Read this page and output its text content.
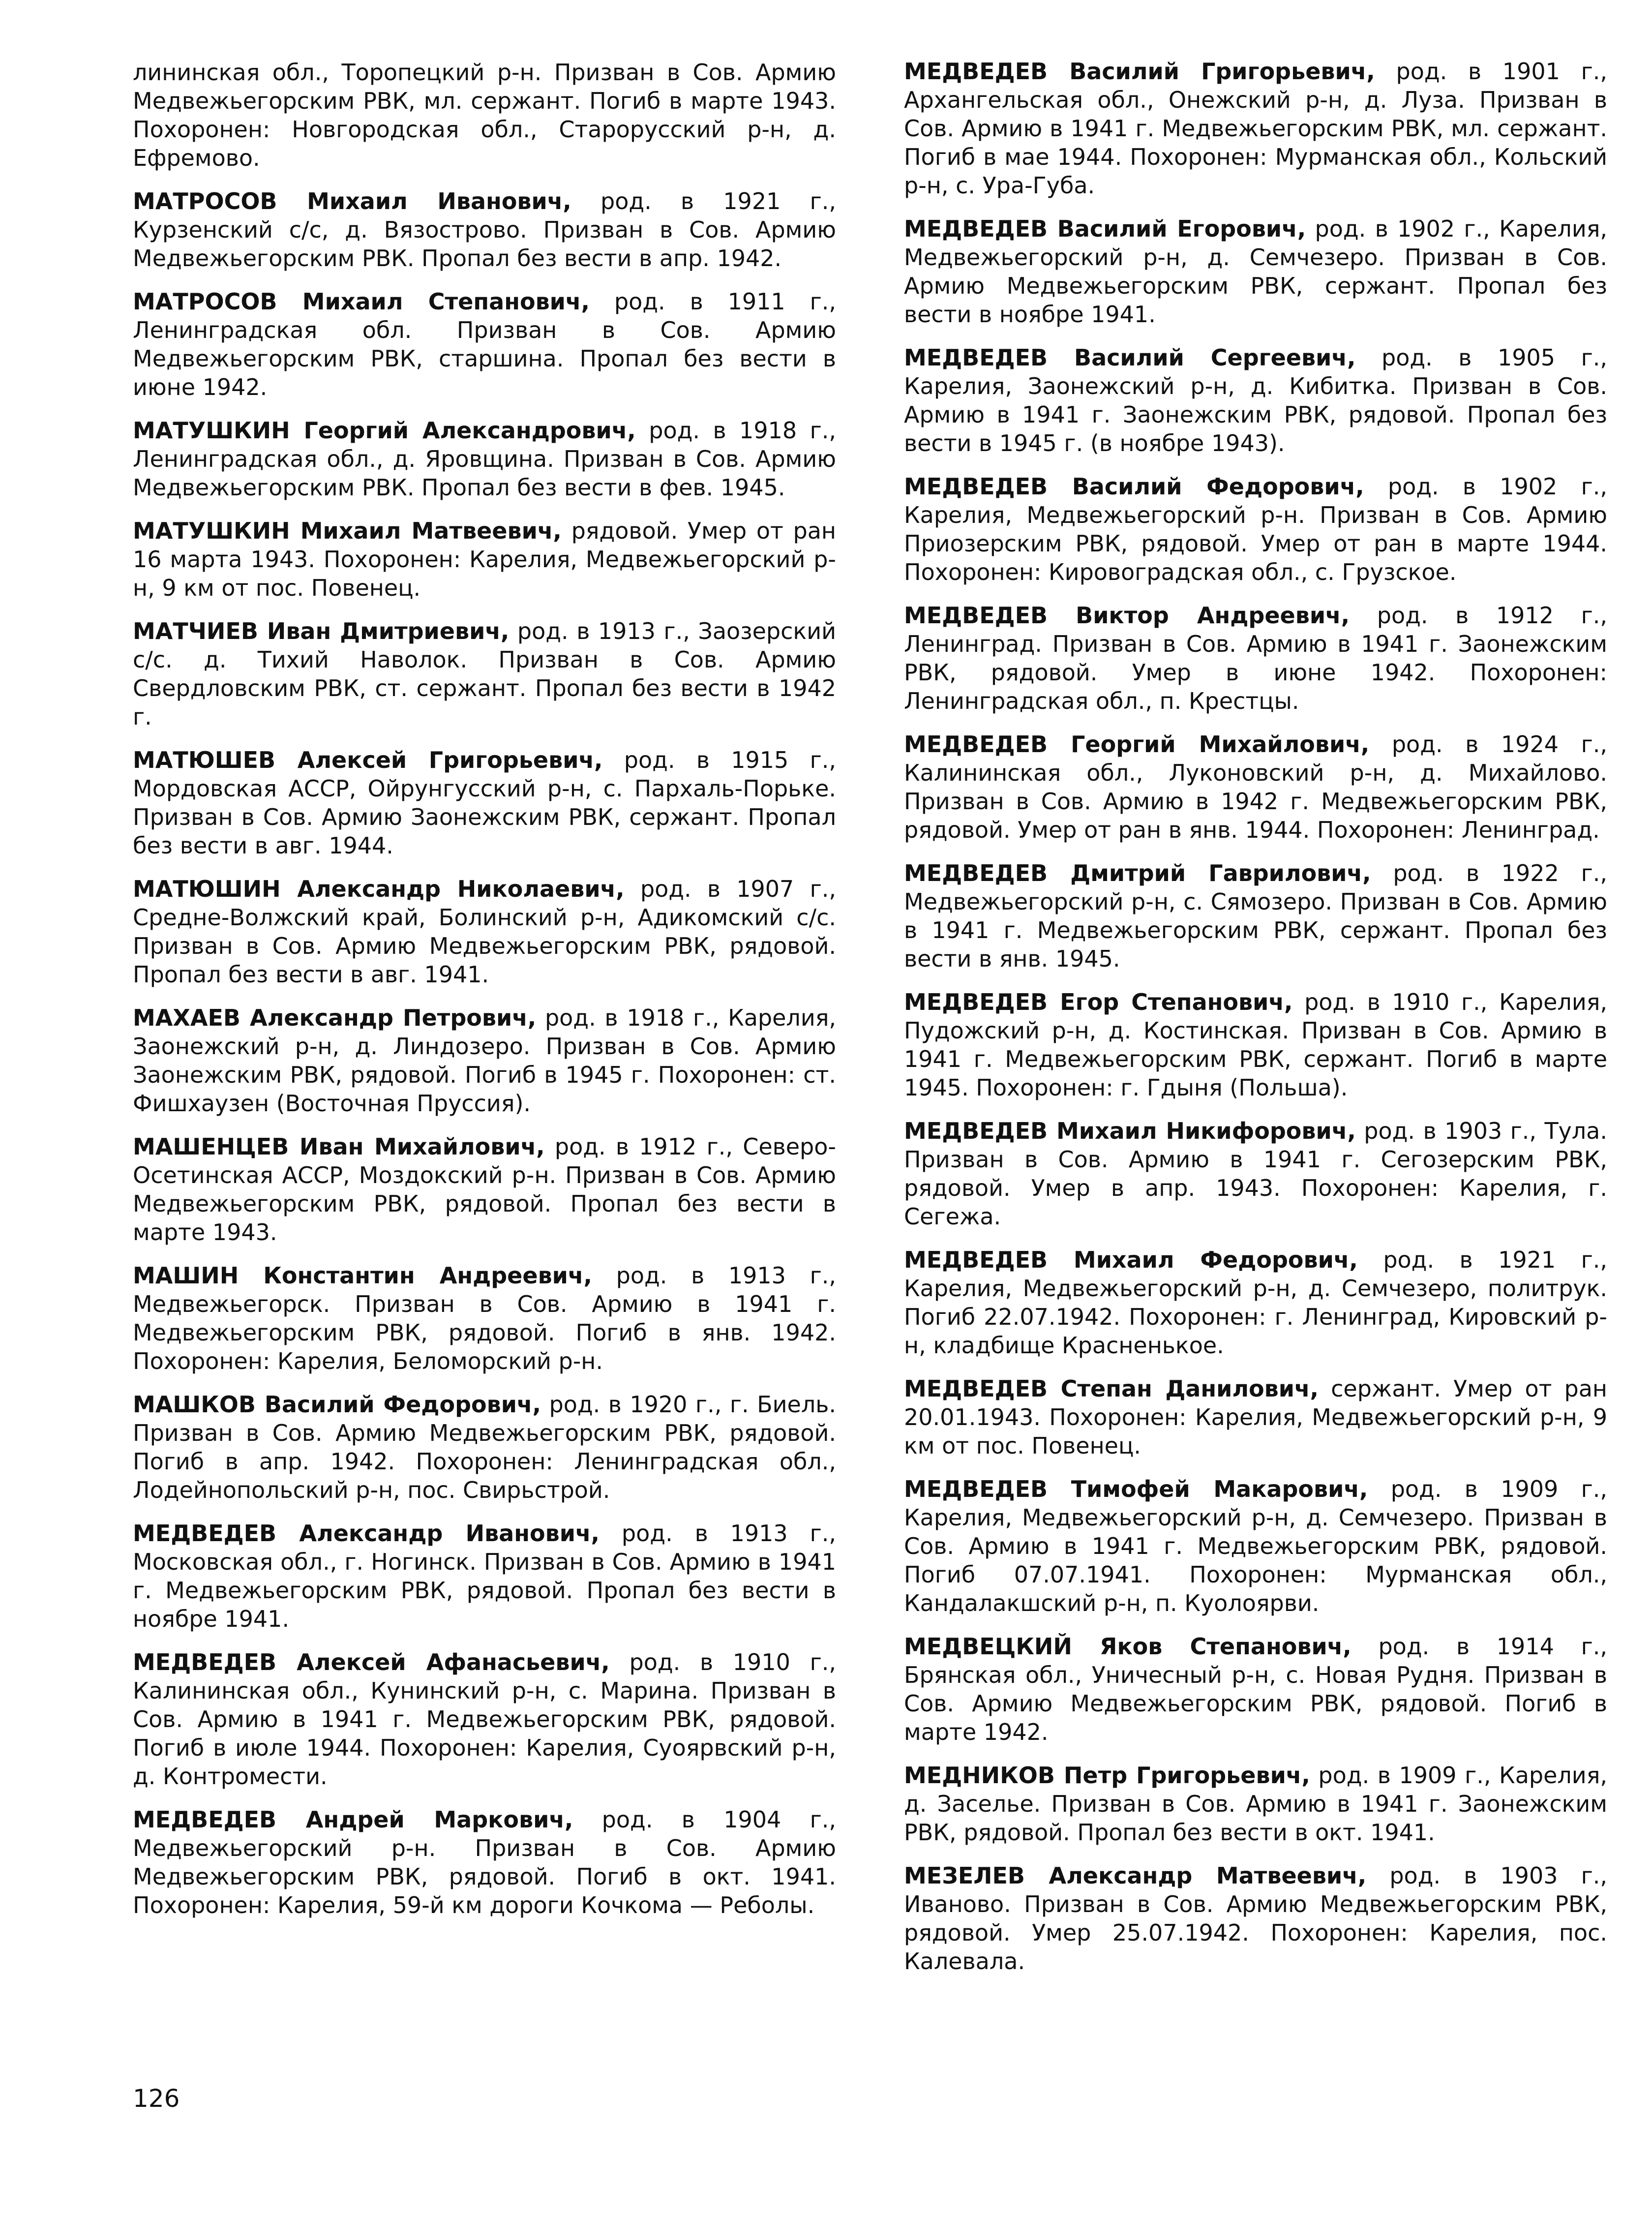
лининская обл., Торопецкий р-н. Призван в Сов. Армию Медвежьегорским РВК, мл. сержант. Погиб в марте 1943. Похоронен: Новгородская обл., Старорусский р-н, д. Ефремово.

МАТРОСОВ Михаил Иванович, род. в 1921 г., Курзенский с/с, д. Вязострово. Призван в Сов. Армию Медвежьегорским РВК. Пропал без вести в апр. 1942.

МАТРОСОВ Михаил Степанович, род. в 1911 г., Ленинградская обл. Призван в Сов. Армию Медвежьегорским РВК, старшина. Пропал без вести в июне 1942.

МАТУШКИН Георгий Александрович, род. в 1918 г., Ленинградская обл., д. Яровщина. Призван в Сов. Армию Медвежьегорским РВК. Пропал без вести в фев. 1945.

МАТУШКИН Михаил Матвеевич, рядовой. Умер от ран 16 марта 1943. Похоронен: Карелия, Медвежьегорский р-н, 9 км от пос. Повенец.

МАТЧИЕВ Иван Дмитриевич, род. в 1913 г., Заозерский с/с. д. Тихий Наволок. Призван в Сов. Армию Свердловским РВК, ст. сержант. Пропал без вести в 1942 г.

МАТЮШЕВ Алексей Григорьевич, род. в 1915 г., Мордовская АССР, Ойрунгусский р-н, с. Пархаль-Порьке. Призван в Сов. Армию Заонежским РВК, сержант. Пропал без вести в авг. 1944.

МАТЮШИН Александр Николаевич, род. в 1907 г., Средне-Волжский край, Болинский р-н, Адикомский с/с. Призван в Сов. Армию Медвежьегорским РВК, рядовой. Пропал без вести в авг. 1941.

МАХАЕВ Александр Петрович, род. в 1918 г., Карелия, Заонежский р-н, д. Линдозеро. Призван в Сов. Армию Заонежским РВК, рядовой. Погиб в 1945 г. Похоронен: ст. Фишхаузен (Восточная Пруссия).

МАШЕНЦЕВ Иван Михайлович, род. в 1912 г., Северо-Осетинская АССР, Моздокский р-н. Призван в Сов. Армию Медвежьегорским РВК, рядовой. Пропал без вести в марте 1943.

МАШИН Константин Андреевич, род. в 1913 г., Медвежьегорск. Призван в Сов. Армию в 1941 г. Медвежьегорским РВК, рядовой. Погиб в янв. 1942. Похоронен: Карелия, Беломорский р-н.

МАШКОВ Василий Федорович, род. в 1920 г., г. Биель. Призван в Сов. Армию Медвежьегорским РВК, рядовой. Погиб в апр. 1942. Похоронен: Ленинградская обл., Лодейнопольский р-н, пос. Свирьстрой.

МЕДВЕДЕВ Александр Иванович, род. в 1913 г., Московская обл., г. Ногинск. Призван в Сов. Армию в 1941 г. Медвежьегорским РВК, рядовой. Пропал без вести в ноябре 1941.

МЕДВЕДЕВ Алексей Афанасьевич, род. в 1910 г., Калининская обл., Кунинский р-н, с. Марина. Призван в Сов. Армию в 1941 г. Медвежьегорским РВК, рядовой. Погиб в июле 1944. Похоронен: Карелия, Суоярвский р-н, д. Контромести.

МЕДВЕДЕВ Андрей Маркович, род. в 1904 г., Медвежьегорский р-н. Призван в Сов. Армию Медвежьегорским РВК, рядовой. Погиб в окт. 1941. Похоронен: Карелия, 59-й км дороги Кочкома — Реболы.

МЕДВЕДЕВ Василий Григорьевич, род. в 1901 г., Архангельская обл., Онежский р-н, д. Луза. Призван в Сов. Армию в 1941 г. Медвежьегорским РВК, мл. сержант. Погиб в мае 1944. Похоронен: Мурманская обл., Кольский р-н, с. Ура-Губа.

МЕДВЕДЕВ Василий Егорович, род. в 1902 г., Карелия, Медвежьегорский р-н, д. Семчезеро. Призван в Сов. Армию Медвежьегорским РВК, сержант. Пропал без вести в ноябре 1941.

МЕДВЕДЕВ Василий Сергеевич, род. в 1905 г., Карелия, Заонежский р-н, д. Кибитка. Призван в Сов. Армию в 1941 г. Заонежским РВК, рядовой. Пропал без вести в 1945 г. (в ноябре 1943).

МЕДВЕДЕВ Василий Федорович, род. в 1902 г., Карелия, Медвежьегорский р-н. Призван в Сов. Армию Приозерским РВК, рядовой. Умер от ран в марте 1944. Похоронен: Кировоградская обл., с. Грузское.

МЕДВЕДЕВ Виктор Андреевич, род. в 1912 г., Ленинград. Призван в Сов. Армию в 1941 г. Заонежским РВК, рядовой. Умер в июне 1942. Похоронен: Ленинградская обл., п. Крестцы.

МЕДВЕДЕВ Георгий Михайлович, род. в 1924 г., Калининская обл., Луконовский р-н, д. Михайлово. Призван в Сов. Армию в 1942 г. Медвежьегорским РВК, рядовой. Умер от ран в янв. 1944. Похоронен: Ленинград.

МЕДВЕДЕВ Дмитрий Гаврилович, род. в 1922 г., Медвежьегорский р-н, с. Сямозеро. Призван в Сов. Армию в 1941 г. Медвежьегорским РВК, сержант. Пропал без вести в янв. 1945.

МЕДВЕДЕВ Егор Степанович, род. в 1910 г., Карелия, Пудожский р-н, д. Костинская. Призван в Сов. Армию в 1941 г. Медвежьегорским РВК, сержант. Погиб в марте 1945. Похоронен: г. Гдыня (Польша).

МЕДВЕДЕВ Михаил Никифорович, род. в 1903 г., Тула. Призван в Сов. Армию в 1941 г. Сегозерским РВК, рядовой. Умер в апр. 1943. Похоронен: Карелия, г. Сегежа.

МЕДВЕДЕВ Михаил Федорович, род. в 1921 г., Карелия, Медвежьегорский р-н, д. Семчезеро, политрук. Погиб 22.07.1942. Похоронен: г. Ленинград, Кировский р-н, кладбище Красненькое.

МЕДВЕДЕВ Степан Данилович, сержант. Умер от ран 20.01.1943. Похоронен: Карелия, Медвежьегорский р-н, 9 км от пос. Повенец.

МЕДВЕДЕВ Тимофей Макарович, род. в 1909 г., Карелия, Медвежьегорский р-н, д. Семчезеро. Призван в Сов. Армию в 1941 г. Медвежьегорским РВК, рядовой. Погиб 07.07.1941. Похоронен: Мурманская обл., Кандалакшский р-н, п. Куолоярви.

МЕДВЕЦКИЙ Яков Степанович, род. в 1914 г., Брянская обл., Уничесный р-н, с. Новая Рудня. Призван в Сов. Армию Медвежьегорским РВК, рядовой. Погиб в марте 1942.

МЕДНИКОВ Петр Григорьевич, род. в 1909 г., Карелия, д. Заселье. Призван в Сов. Армию в 1941 г. Заонежским РВК, рядовой. Пропал без вести в окт. 1941.

МЕЗЕЛЕВ Александр Матвеевич, род. в 1903 г., Иваново. Призван в Сов. Армию Медвежьегорским РВК, рядовой. Умер 25.07.1942. Похоронен: Карелия, пос. Калевала.

126
